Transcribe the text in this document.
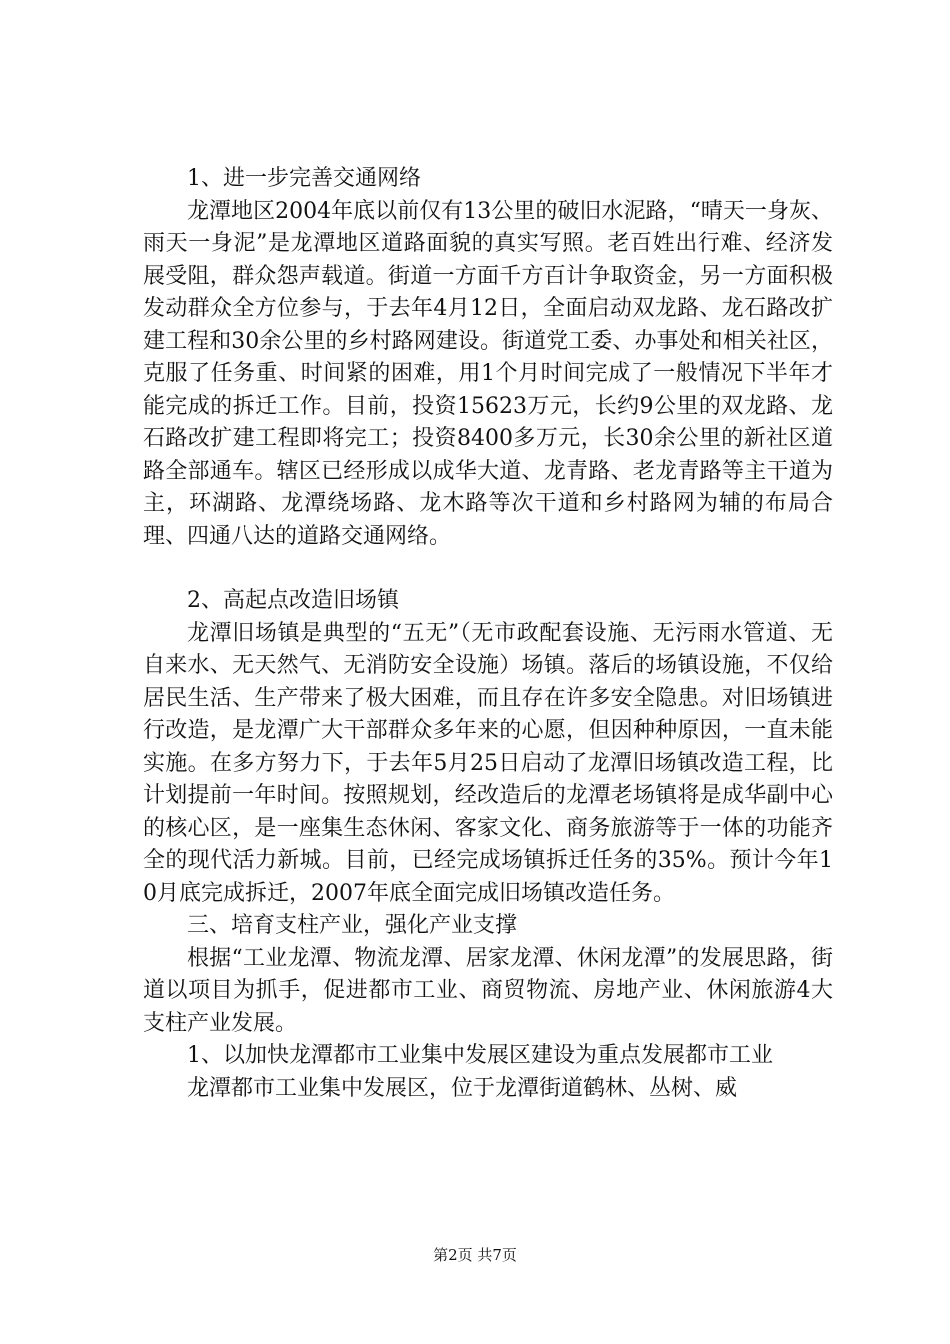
1、进一步完善交通网络

龙潭地区2004年底以前仅有13公里的破旧水泥路，“晴天一身灰、雨天一身泥”是龙潭地区道路面貌的真实写照。老百姓出行难、经济发展受阻，群众怨声载道。街道一方面千方百计争取资金，另一方面积极发动群众全方位参与，于去年4月12日，全面启动双龙路、龙石路改扩建工程和30余公里的乡村路网建设。街道党工委、办事处和相关社区，克服了任务重、时间紧的困难，用1个月时间完成了一般情况下半年才能完成的拆迁工作。目前，投资15623万元，长约9公里的双龙路、龙石路改扩建工程即将完工；投资8400多万元，长30余公里的新社区道路全部通车。辖区已经形成以成华大道、龙青路、老龙青路等主干道为主，环湖路、龙潭绕场路、龙木路等次干道和乡村路网为辅的布局合理、四通八达的道路交通网络。

2、高起点改造旧场镇

龙潭旧场镇是典型的“五无”（无市政配套设施、无污雨水管道、无自来水、无天然气、无消防安全设施）场镇。落后的场镇设施，不仅给居民生活、生产带来了极大困难，而且存在许多安全隐患。对旧场镇进行改造，是龙潭广大干部群众多年来的心愿，但因种种原因，一直未能实施。在多方努力下，于去年5月25日启动了龙潭旧场镇改造工程，比计划提前一年时间。按照规划，经改造后的龙潭老场镇将是成华副中心的核心区，是一座集生态休闲、客家文化、商务旅游等于一体的功能齐全的现代活力新城。目前，已经完成场镇拆迁任务的35%。预计今年10月底完成拆迁，2007年底全面完成旧场镇改造任务。

三、培育支柱产业，强化产业支撑

根据“工业龙潭、物流龙潭、居家龙潭、休闲龙潭”的发展思路，街道以项目为抓手，促进都市工业、商贸物流、房地产业、休闲旅游4大支柱产业发展。

1、以加快龙潭都市工业集中发展区建设为重点发展都市工业

龙潭都市工业集中发展区，位于龙潭街道鹤林、丛树、威

第2页 共7页
